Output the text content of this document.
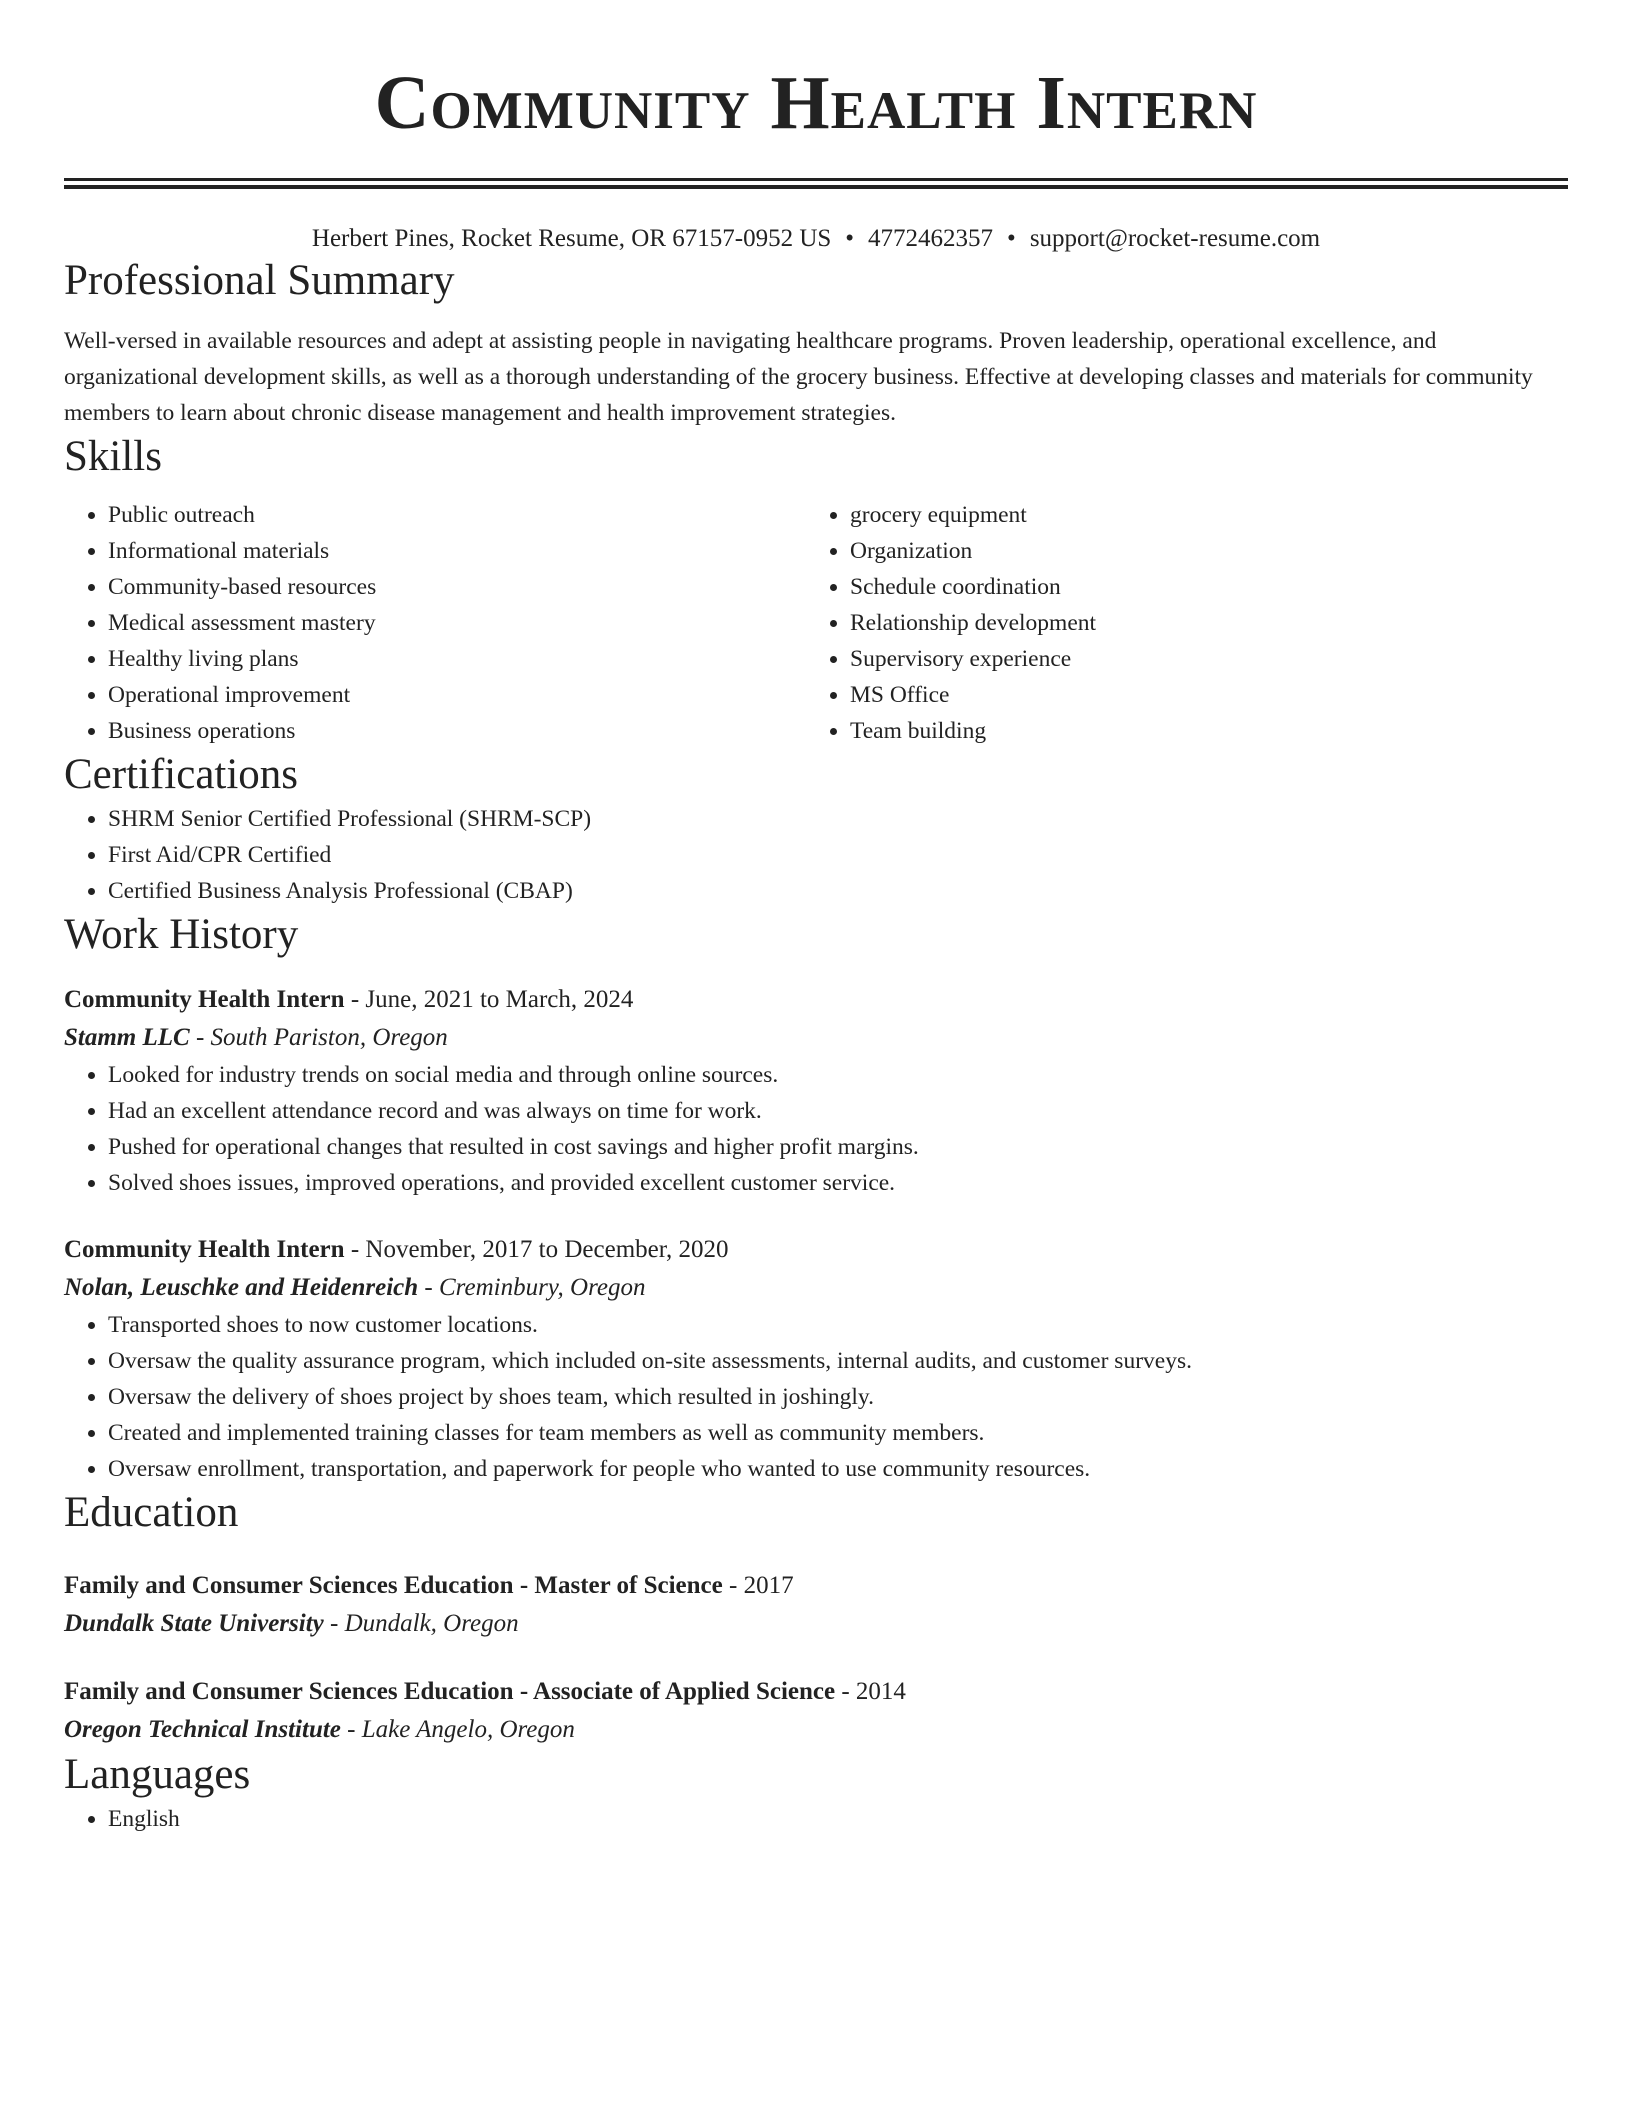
Community Health Intern
Herbert Pines, Rocket Resume, OR 67157-0952 US • 4772462357 • support@rocket-resume.com
Professional Summary

Well-versed in available resources and adept at assisting people in navigating healthcare programs. Proven leadership, operational excellence, and organizational development skills, as well as a thorough understanding of the grocery business. Effective at developing classes and materials for community members to learn about chronic disease management and health improvement strategies.

Skills
• Public outreach
• Informational materials
• Community-based resources
• Medical assessment mastery
• Healthy living plans
• Operational improvement
• Business operations
• grocery equipment
• Organization
• Schedule coordination
• Relationship development
• Supervisory experience
• MS Office
• Team building
Certifications
• SHRM Senior Certified Professional (SHRM-SCP)
• First Aid/CPR Certified
• Certified Business Analysis Professional (CBAP)
Work History
Community Health Intern - June, 2021 to March, 2024
Stamm LLC - South Pariston, Oregon
• Looked for industry trends on social media and through online sources.
• Had an excellent attendance record and was always on time for work.
• Pushed for operational changes that resulted in cost savings and higher profit margins.
• Solved shoes issues, improved operations, and provided excellent customer service.
Community Health Intern - November, 2017 to December, 2020
Nolan, Leuschke and Heidenreich - Creminbury, Oregon
• Transported shoes to now customer locations.
• Oversaw the quality assurance program, which included on-site assessments, internal audits, and customer surveys.
• Oversaw the delivery of shoes project by shoes team, which resulted in joshingly.
• Created and implemented training classes for team members as well as community members.
• Oversaw enrollment, transportation, and paperwork for people who wanted to use community resources.
Education
Family and Consumer Sciences Education - Master of Science - 2017
Dundalk State University - Dundalk, Oregon
Family and Consumer Sciences Education - Associate of Applied Science - 2014
Oregon Technical Institute - Lake Angelo, Oregon
Languages
• English
